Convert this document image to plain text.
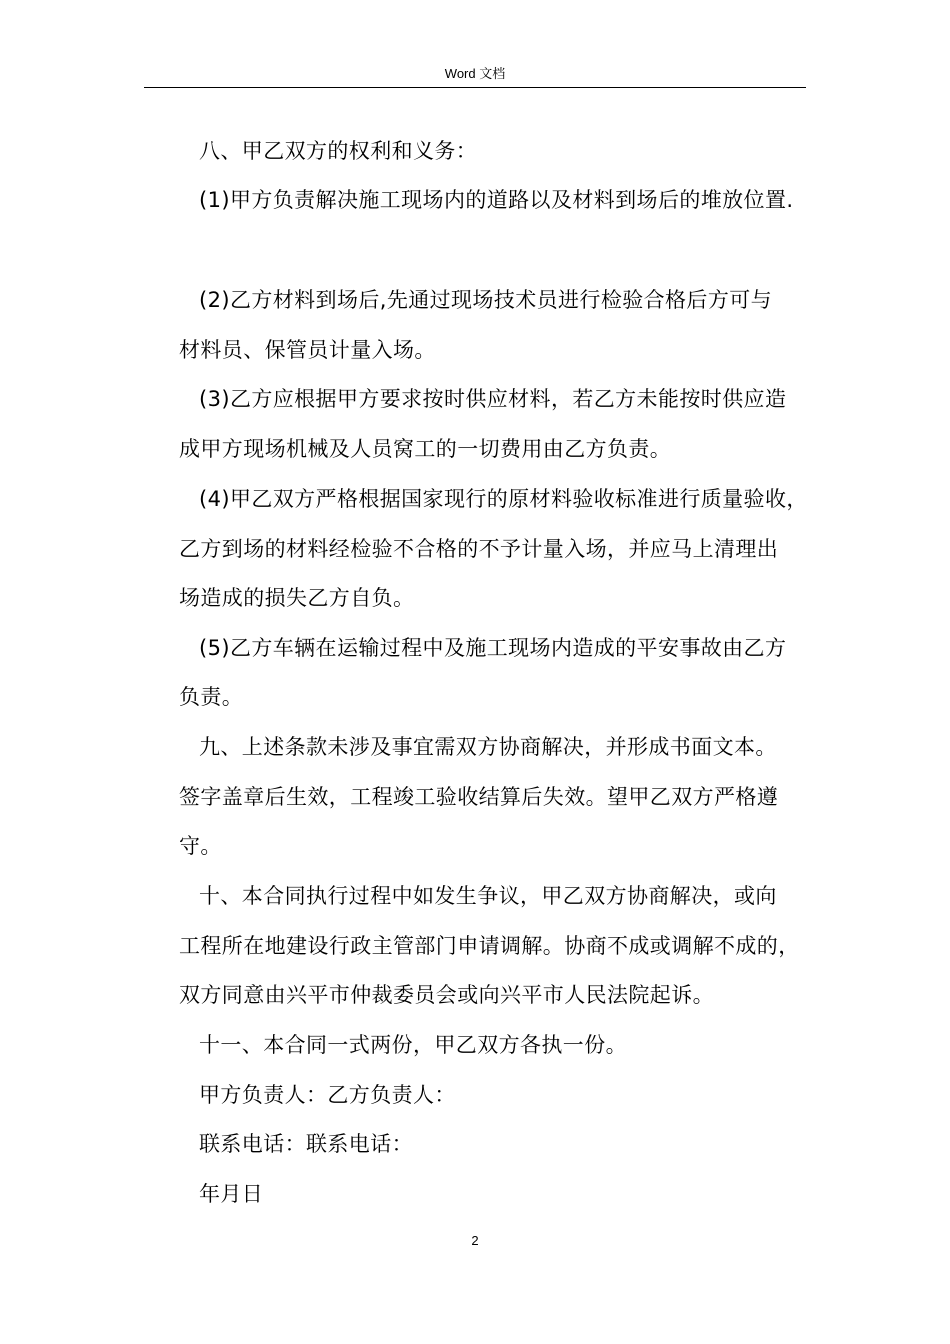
Word 文档
八、甲乙双方的权利和义务：
(1)甲方负责解决施工现场内的道路以及材料到场后的堆放位置.
(2)乙方材料到场后,先通过现场技术员进行检验合格后方可与
材料员、保管员计量入场。
(3)乙方应根据甲方要求按时供应材料，若乙方未能按时供应造
成甲方现场机械及人员窝工的一切费用由乙方负责。
(4)甲乙双方严格根据国家现行的原材料验收标准进行质量验收，
乙方到场的材料经检验不合格的不予计量入场，并应马上清理出
场造成的损失乙方自负。
(5)乙方车辆在运输过程中及施工现场内造成的平安事故由乙方
负责。
九、上述条款未涉及事宜需双方协商解决，并形成书面文本。
签字盖章后生效，工程竣工验收结算后失效。望甲乙双方严格遵
守。
十、本合同执行过程中如发生争议，甲乙双方协商解决，或向
工程所在地建设行政主管部门申请调解。协商不成或调解不成的，
双方同意由兴平市仲裁委员会或向兴平市人民法院起诉。
十一、本合同一式两份，甲乙双方各执一份。
甲方负责人：乙方负责人：
联系电话：联系电话：
年月日
2
